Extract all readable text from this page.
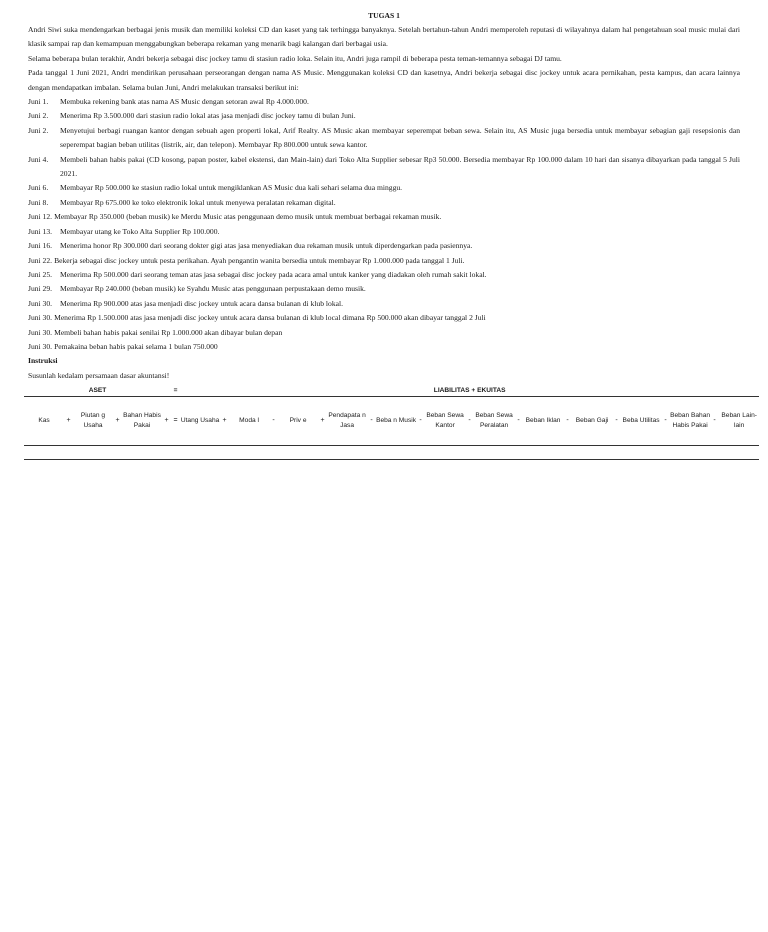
TUGAS 1
Andri Siwi suka mendengarkan berbagai jenis musik dan memiliki koleksi CD dan kaset yang tak terhingga banyaknya. Setelah bertahun-tahun Andri memperoleh reputasi di wilayahnya dalam hal pengetahuan soal music mulai dari klasik sampai rap dan kemampuan menggabungkan beberapa rekaman yang menarik bagi kalangan dari berbagai usia.
Selama beberapa bulan terakhir, Andri bekerja sebagai disc jockey tamu di stasiun radio loka. Selain itu, Andri juga rampil di beberapa pesta teman-temannya sebagai DJ tamu.
Pada tanggal 1 Juni 2021, Andri mendirikan perusahaan perseorangan dengan nama AS Music. Menggunakan koleksi CD dan kasetnya, Andri bekerja sebagai disc jockey untuk acara pernikahan, pesta kampus, dan acara lainnya dengan mendapatkan imbalan. Selama bulan Juni, Andri melakukan transaksi berikut ini:
Juni 1.	Membuka rekening bank atas nama AS Music dengan setoran awal Rp 4.000.000.
Juni 2.	Menerima Rp 3.500.000 dari stasiun radio lokal atas jasa menjadi disc jockey tamu di bulan Juni.
Juni 2.	Menyetujui berbagi ruangan kantor dengan sebuah agen properti lokal, Arif Realty. AS Music akan membayar seperempat beban sewa. Selain itu, AS Music juga bersedia untuk membayar sebagian gaji resepsionis dan seperempat bagian beban utilitas (listrik, air, dan telepon). Membayar Rp 800.000 untuk sewa kantor.
Juni 4.	Membeli bahan habis pakai (CD kosong, papan poster, kabel ekstensi, dan Main-lain) dari Toko Alta Supplier sebesar Rp3 50.000. Bersedia membayar Rp 100.000 dalam 10 hari dan sisanya dibayarkan pada tanggal 5 Juli 2021.
Juni 6.	Membayar Rp 500.000 ke stasiun radio lokal untuk mengiklankan AS Music dua kali sehari selama dua minggu.
Juni 8.	Membayar Rp 675.000 ke toko elektronik lokal untuk menyewa peralatan rekaman digital.
Juni 12. Membayar Rp 350.000 (beban musik) ke Merdu Music atas penggunaan demo musik untuk membuat berbagai rekaman musik.
Juni 13.	Membayar utang ke Toko Alta Supplier Rp 100.000.
Juni 16.	Menerima honor Rp 300.000 dari seorang dokter gigi atas jasa menyediakan dua rekaman musik untuk diperdengarkan pada pasiennya.
Juni 22. Bekerja sebagai disc jockey untuk pesta perikahan. Ayah pengantin wanita bersedia untuk membayar Rp 1.000.000 pada tanggal 1 Juli.
Juni 25.	Menerima Rp 500.000 dari seorang teman atas jasa sebagai disc jockey pada acara amal untuk kanker yang diadakan oleh rumah sakit lokal.
Juni 29.	Membayar Rp 240.000 (beban musik) ke Syahdu Music atas penggunaan perpustakaan demo musik.
Juni 30.	Menerima Rp 900.000 atas jasa menjadi disc jockey untuk acara dansa bulanan di klub lokal.
Juni 30. Menerima Rp 1.500.000 atas jasa menjadi disc jockey untuk acara dansa bulanan di klub local dimana Rp 500.000 akan dibayar tanggal 2 Juli
Juni 30. Membeli bahan habis pakai senilai Rp 1.000.000 akan dibayar bulan depan
Juni 30. Pemakaina beban habis pakai selama 1 bulan 750.000
Instruksi
Susunlah kedalam persamaan dasar akuntansi!
ASET						=	LIABILITAS + EKUITAS																						
Kas	+	Piutan g Usaha	+	Bahan Habis Pakai	+	=	Utang Usaha	+	Moda l	-	Priv e	+	Pendapata n Jasa	-	Beba n Musik	-	Beban Sewa Kantor	-	Beban Sewa Peralatan	-	Beban Iklan	-	Beban Gaji	-	Beba Utilitas	-	Beban Bahan Habis Pakai	-	Beban Lain-lain
